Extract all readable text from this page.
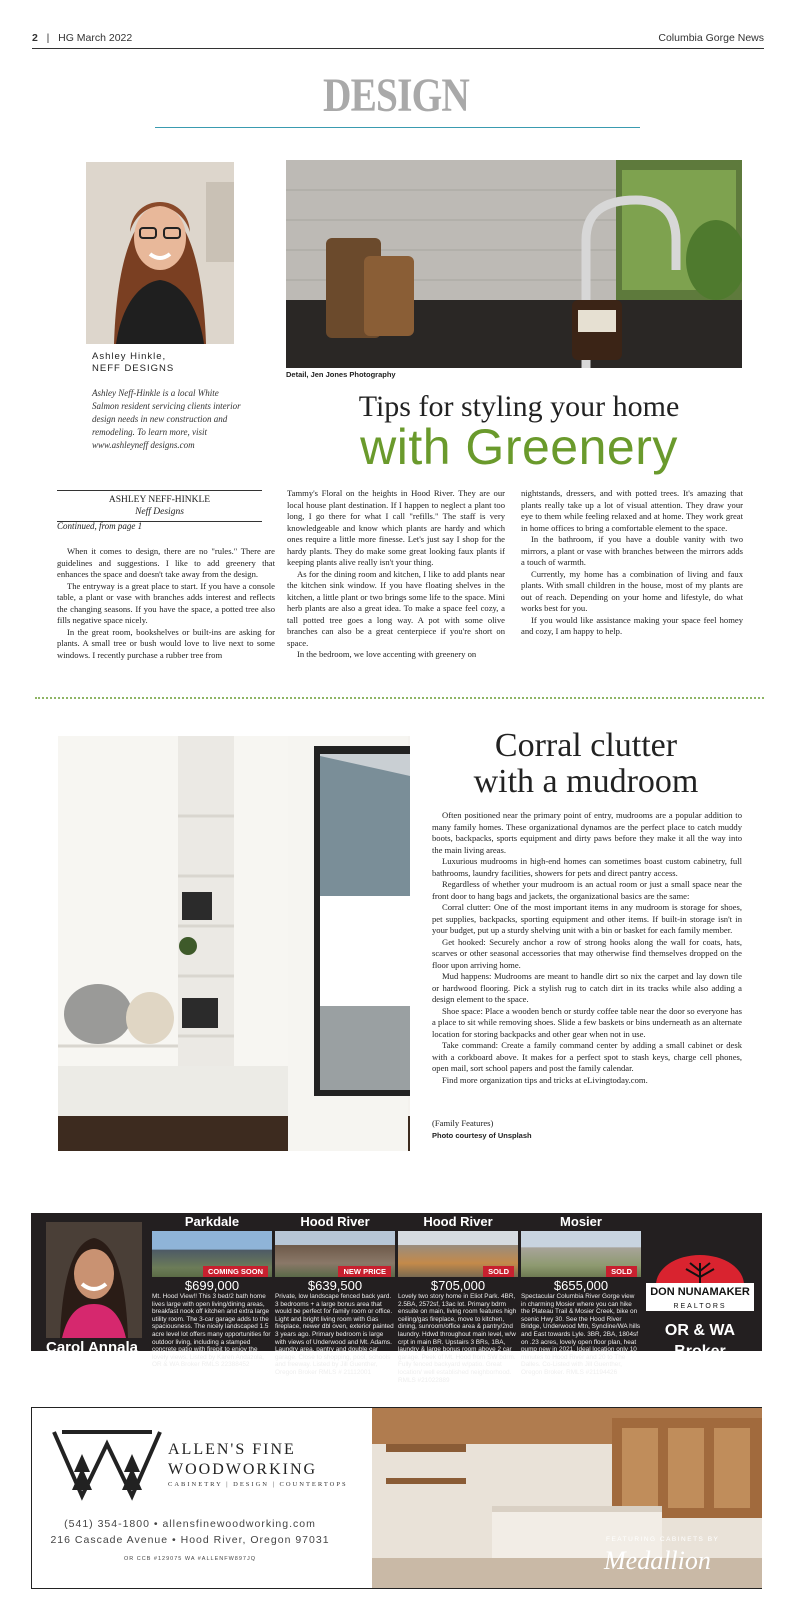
2 | HG March 2022	Columbia Gorge News
DESIGN
Ashley Hinkle,
NEFF DESIGNS
Ashley Neff-Hinkle is a local White Salmon resident servicing clients interior design needs in new construction and remodeling. To learn more, visit www.ashleyneff designs.com
Detail, Jen Jones Photography
Tips for styling your home
with Greenery
ASHLEY NEFF-HINKLE
Neff Designs
Continued, from page 1

When it comes to design, there are no "rules." There are guidelines and suggestions. I like to add greenery that enhances the space and doesn't take away from the design.

The entryway is a great place to start. If you have a console table, a plant or vase with branches adds interest and reflects the changing seasons. If you have the space, a potted tree also fills negative space nicely.

In the great room, bookshelves or built-ins are asking for plants. A small tree or bush would love to live next to some windows. I recently purchase a rubber tree from

Tammy's Floral on the heights in Hood River. They are our local house plant destination. If I happen to neglect a plant too long, I go there for what I call "refills." The staff is very knowledgeable and know which plants are hardy and which ones require a little more finesse. Let's just say I shop for the hardy plants. They do make some great looking faux plants if keeping plants alive really isn't your thing.

As for the dining room and kitchen, I like to add plants near the kitchen sink window. If you have floating shelves in the kitchen, a little plant or two brings some life to the space. Mini herb plants are also a great idea. To make a space feel cozy, a tall potted tree goes a long way. A pot with some olive branches can also be a great centerpiece if you're short on space.

In the bedroom, we love accenting with greenery on

nightstands, dressers, and with potted trees. It's amazing that plants really take up a lot of visual attention. They draw your eye to them while feeling relaxed and at home. They work great in home offices to bring a comfortable element to the space.

In the bathroom, if you have a double vanity with two mirrors, a plant or vase with branches between the mirrors adds a touch of warmth.

Currently, my home has a combination of living and faux plants. With small children in the house, most of my plants are out of reach. Depending on your home and lifestyle, do what works best for you.

If you would like assistance making your space feel homey and cozy, I am happy to help.

Corral clutter
with a mudroom

Often positioned near the primary point of entry, mudrooms are a popular addition to many family homes. These organizational dynamos are the perfect place to catch muddy boots, backpacks, sports equipment and dirty paws before they make it all the way into the main living areas.

Luxurious mudrooms in high-end homes can sometimes boast custom cabinetry, full bathrooms, laundry facilities, showers for pets and direct pantry access.

Regardless of whether your mudroom is an actual room or just a small space near the front door to hang bags and jackets, the organizational basics are the same:

Corral clutter: One of the most important items in any mudroom is storage for shoes, pet supplies, backpacks, sporting equipment and other items. If built-in storage isn't in your budget, put up a sturdy shelving unit with a bin or basket for each family member.

Get hooked: Securely anchor a row of strong hooks along the wall for coats, hats, scarves or other seasonal accessories that may otherwise find themselves dropped on the floor upon arriving home.

Mud happens: Mudrooms are meant to handle dirt so nix the carpet and lay down tile or hardwood flooring. Pick a stylish rug to catch dirt in its tracks while also adding a design element to the space.

Shoe space: Place a wooden bench or sturdy coffee table near the door so everyone has a place to sit while removing shoes. Slide a few baskets or bins underneath as an alternate location for storing backpacks and other gear when not in use.

Take command: Create a family command center by adding a small cabinet or desk with a corkboard above. It makes for a perfect spot to stash keys, charge cell phones, open mail, sort school papers and post the family calendar.

Find more organization tips and tricks at eLivingtoday.com.

(Family Features)
Photo courtesy of Unsplash
Carol Annala
541.490.5099
Carol@DonNunamaker.com
Parkdale
COMING SOON
$699,000
Mt. Hood View!! This 3 bed/2 bath home lives large with open living/dining areas, breakfast nook off kitchen and extra large utility room. The 3-car garage adds to the spaciousness. The nicely landscaped 1.5 acre level lot offers many opportunities for outdoor living, including a stamped concrete patio with firepit to enjoy the lovely views. Listed by Karen Andazola, OR & WA Broker RMLS 22388452
Hood River
NEW PRICE
$639,500
Private, low landscape fenced back yard. 3 bedrooms + a large bonus area that would be perfect for family room or office. Light and bright living room with Gas fireplace, newer dbl oven, exterior painted 3 years ago. Primary bedroom is large with views of Underwood and Mt. Adams. Laundry area, pantry and double car garage. Close to shopping, pool, schools and freeway. Listed by Jill Guenther, Oregon Broker RMLS # 21112001
Hood River
SOLD
$705,000
Lovely two story home in Eliot Park. 4BR, 2.5BA, 2572sf, 13ac lot. Primary bdrm ensuite on main, living room features high ceiling/gas fireplace, move to kitchen, dining, sunroom/office area & pantry/2nd laundry. Hdwd throughout main level, w/w crpt in main BR. Upstairs 3 BRs, 1BA, laundry & large bonus room above 2 car garage. Peek of Mt. Hood from SW bdrm. Fully fenced backyard w/patio. Great location/ well established neighborhood. RMLS #21022889
Mosier
SOLD
$655,000
Spectacular Columbia River Gorge view in charming Mosier where you can hike the Plateau Trail & Mosier Creek, bike on scenic Hwy 30. See the Hood River Bridge, Underwood Mtn, Syncline/WA hills and East towards Lyle. 3BR, 2BA, 1804sf on .23 acres, lovely open floor plan, heat pump new in 2021. Ideal location only 10 minutes to Hood River and 20 to The Dalles. Co-Listed with Jill Guenther, Oregon Broker. RMLS #21194426
DON NUNAMAKER
REALTORS
OR & WA
Broker
ALLEN'S FINE
WOODWORKING
CABINETRY | DESIGN | COUNTERTOPS
(541) 354-1800 • allensfinewoodworking.com
216 Cascade Avenue • Hood River, Oregon 97031
OR CCB #129075 WA #ALLENFW897JQ
FEATURING CABINETS BY
Medallion
